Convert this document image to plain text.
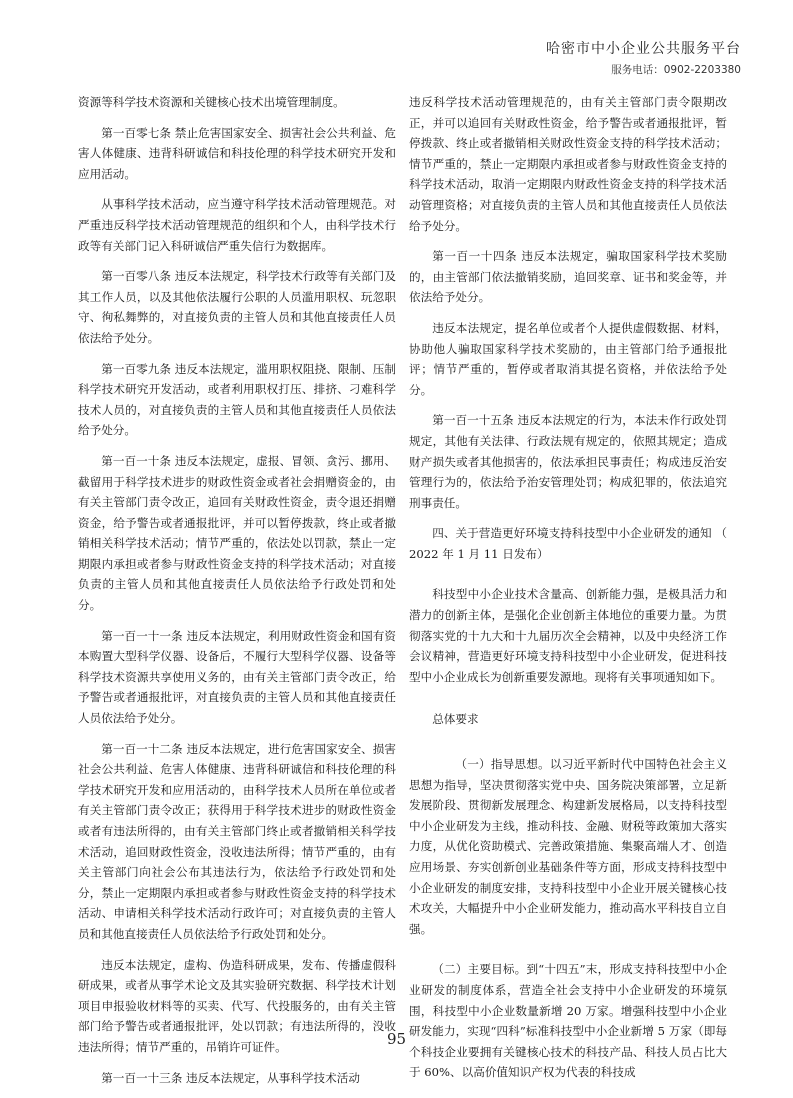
哈密市中小企业公共服务平台
服务电话：0902-2203380

资源等科学技术资源和关键核心技术出境管理制度。

第一百零七条 禁止危害国家安全、损害社会公共利益、危害人体健康、违背科研诚信和科技伦理的科学技术研究开发和应用活动。

从事科学技术活动，应当遵守科学技术活动管理规范。对严重违反科学技术活动管理规范的组织和个人，由科学技术行政等有关部门记入科研诚信严重失信行为数据库。

第一百零八条 违反本法规定，科学技术行政等有关部门及其工作人员，以及其他依法履行公职的人员滥用职权、玩忽职守、徇私舞弊的，对直接负责的主管人员和其他直接责任人员依法给予处分。

第一百零九条 违反本法规定，滥用职权阻挠、限制、压制科学技术研究开发活动，或者利用职权打压、排挤、刁难科学技术人员的，对直接负责的主管人员和其他直接责任人员依法给予处分。

第一百一十条 违反本法规定，虚报、冒领、贪污、挪用、截留用于科学技术进步的财政性资金或者社会捐赠资金的，由有关主管部门责令改正，追回有关财政性资金，责令退还捐赠资金，给予警告或者通报批评，并可以暂停拨款，终止或者撤销相关科学技术活动；情节严重的，依法处以罚款，禁止一定期限内承担或者参与财政性资金支持的科学技术活动；对直接负责的主管人员和其他直接责任人员依法给予行政处罚和处分。

第一百一十一条 违反本法规定，利用财政性资金和国有资本购置大型科学仪器、设备后，不履行大型科学仪器、设备等科学技术资源共享使用义务的，由有关主管部门责令改正，给予警告或者通报批评，对直接负责的主管人员和其他直接责任人员依法给予处分。

第一百一十二条 违反本法规定，进行危害国家安全、损害社会公共利益、危害人体健康、违背科研诚信和科技伦理的科学技术研究开发和应用活动的，由科学技术人员所在单位或者有关主管部门责令改正；获得用于科学技术进步的财政性资金或者有违法所得的，由有关主管部门终止或者撤销相关科学技术活动，追回财政性资金，没收违法所得；情节严重的，由有关主管部门向社会公布其违法行为，依法给予行政处罚和处分，禁止一定期限内承担或者参与财政性资金支持的科学技术活动、申请相关科学技术活动行政许可；对直接负责的主管人员和其他直接责任人员依法给予行政处罚和处分。

违反本法规定，虚构、伪造科研成果，发布、传播虚假科研成果，或者从事学术论文及其实验研究数据、科学技术计划项目申报验收材料等的买卖、代写、代投服务的，由有关主管部门给予警告或者通报批评，处以罚款；有违法所得的，没收违法所得；情节严重的，吊销许可证件。

第一百一十三条 违反本法规定，从事科学技术活动

违反科学技术活动管理规范的，由有关主管部门责令限期改正，并可以追回有关财政性资金，给予警告或者通报批评，暂停拨款、终止或者撤销相关财政性资金支持的科学技术活动；情节严重的，禁止一定期限内承担或者参与财政性资金支持的科学技术活动，取消一定期限内财政性资金支持的科学技术活动管理资格；对直接负责的主管人员和其他直接责任人员依法给予处分。

第一百一十四条 违反本法规定，骗取国家科学技术奖励的，由主管部门依法撤销奖励，追回奖章、证书和奖金等，并依法给予处分。

违反本法规定，提名单位或者个人提供虚假数据、材料，协助他人骗取国家科学技术奖励的，由主管部门给予通报批评；情节严重的，暂停或者取消其提名资格，并依法给予处分。

第一百一十五条 违反本法规定的行为，本法未作行政处罚规定，其他有关法律、行政法规有规定的，依照其规定；造成财产损失或者其他损害的，依法承担民事责任；构成违反治安管理行为的，依法给予治安管理处罚；构成犯罪的，依法追究刑事责任。

四、关于营造更好环境支持科技型中小企业研发的通知 （ 2022 年 1 月 11 日发布）

科技型中小企业技术含量高、创新能力强，是极具活力和潜力的创新主体，是强化企业创新主体地位的重要力量。为贯彻落实党的十九大和十九届历次全会精神，以及中央经济工作会议精神，营造更好环境支持科技型中小企业研发，促进科技型中小企业成长为创新重要发源地。现将有关事项通知如下。

总体要求

（一）指导思想。以习近平新时代中国特色社会主义思想为指导，坚决贯彻落实党中央、国务院决策部署，立足新发展阶段、贯彻新发展理念、构建新发展格局，以支持科技型中小企业研发为主线，推动科技、金融、财税等政策加大落实力度，从优化资助模式、完善政策措施、集聚高端人才、创造应用场景、夯实创新创业基础条件等方面，形成支持科技型中小企业研发的制度安排，支持科技型中小企业开展关键核心技术攻关，大幅提升中小企业研发能力，推动高水平科技自立自强。

（二）主要目标。到“十四五”末，形成支持科技型中小企业研发的制度体系，营造全社会支持中小企业研发的环境氛围，科技型中小企业数量新增 20 万家。增强科技型中小企业研发能力，实现“四科”标准科技型中小企业新增 5 万家（即每个科技企业要拥有关键核心技术的科技产品、科技人员占比大于 60%、以高价值知识产权为代表的科技成

95
